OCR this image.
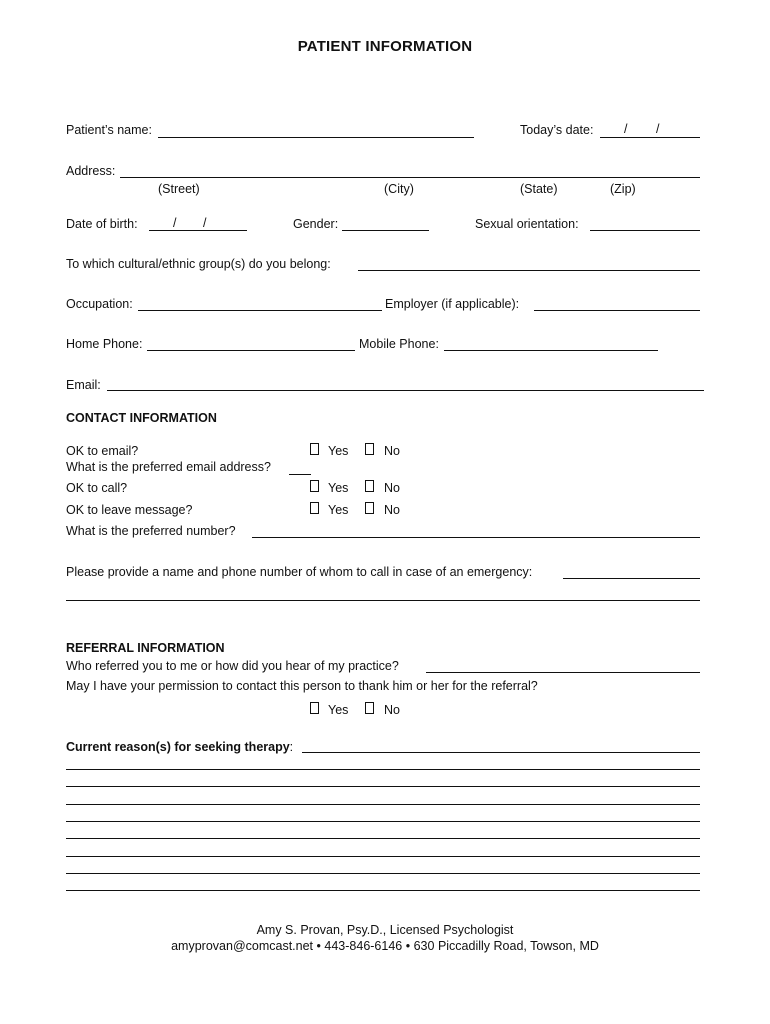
PATIENT INFORMATION
Patient’s name:	Today’s date: / /
Address:
(Street)	(City)	(State)	(Zip)
Date of birth:	/ /	Gender:	Sexual orientation:
To which cultural/ethnic group(s) do you belong:
Occupation:	Employer (if applicable):
Home Phone:	Mobile Phone:
Email:
CONTACT INFORMATION
OK to email?	Yes	No
What is the preferred email address?
OK to call?	Yes	No
OK to leave message?	Yes	No
What is the preferred number?
Please provide a name and phone number of whom to call in case of an emergency:
REFERRAL INFORMATION
Who referred you to me or how did you hear of my practice?
May I have your permission to contact this person to thank him or her for the referral?
Yes	No
Current reason(s) for seeking therapy:
Amy S. Provan, Psy.D., Licensed Psychologist
amyprovan@comcast.net • 443-846-6146 • 630 Piccadilly Road, Towson, MD
